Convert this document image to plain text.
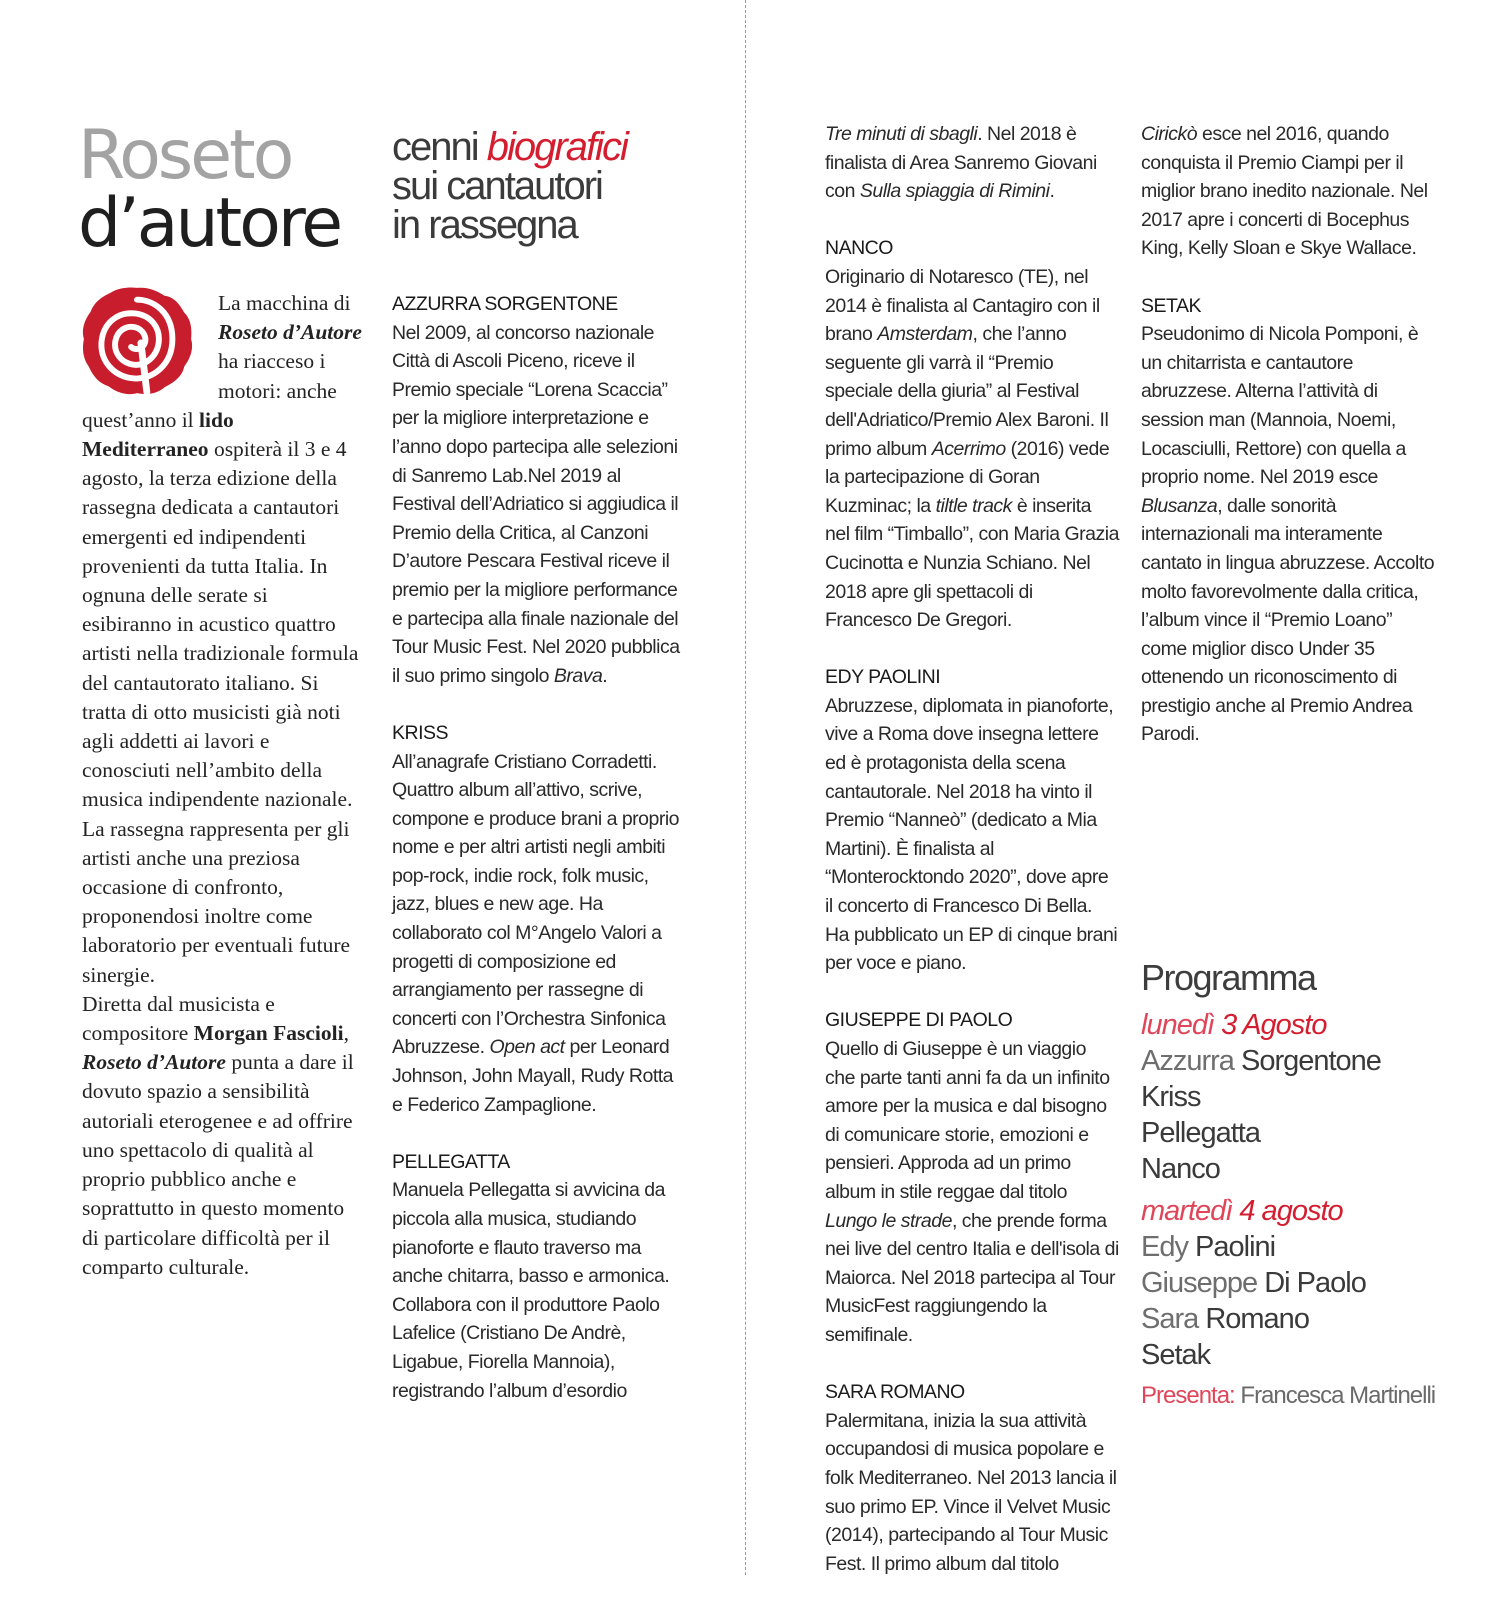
Roseto
d’autore

La macchina di Roseto d’Autore ha riacceso i motori: anche quest’anno il lido Mediterraneo ospiterà il 3 e 4 agosto, la terza edizione della rassegna dedicata a cantautori emergenti ed indipendenti provenienti da tutta Italia. In ognuna delle serate si esibiranno in acustico quattro artisti nella tradizionale formula del cantautorato italiano. Si tratta di otto musicisti già noti agli addetti ai lavori e conosciuti nell’ambito della musica indipendente nazionale. La rassegna rappresenta per gli artisti anche una preziosa occasione di confronto, proponendosi inoltre come laboratorio per eventuali future sinergie.
Diretta dal musicista e compositore Morgan Fascioli, Roseto d’Autore punta a dare il dovuto spazio a sensibilità autoriali eterogenee e ad offrire uno spettacolo di qualità al proprio pubblico anche e soprattutto in questo momento di particolare difficoltà per il comparto culturale.

cenni biografici
sui cantautori
in rassegna
AZZURRA SORGENTONE

Nel 2009, al concorso nazionale Città di Ascoli Piceno, riceve il Premio speciale “Lorena Scaccia” per la migliore interpretazione e l’anno dopo partecipa alle selezioni di Sanremo Lab.Nel 2019 al Festival dell’Adriatico si aggiudica il Premio della Critica, al Canzoni D’autore Pescara Festival riceve il premio per la migliore performance e partecipa alla finale nazionale del Tour Music Fest. Nel 2020 pubblica il suo primo singolo Brava.

KRISS

All’anagrafe Cristiano Corradetti. Quattro album all’attivo, scrive, compone e produce brani a proprio nome e per altri artisti negli ambiti pop-rock, indie rock, folk music, jazz, blues e new age. Ha collaborato col M°Angelo Valori a progetti di composizione ed arrangiamento per rassegne di concerti con l’Orchestra Sinfonica Abruzzese. Open act per Leonard Johnson, John Mayall, Rudy Rotta e Federico Zampaglione.

PELLEGATTA

Manuela Pellegatta si avvicina da piccola alla musica, studiando pianoforte e flauto traverso ma anche chitarra, basso e armonica. Collabora con il produttore Paolo Lafelice (Cristiano De Andrè, Ligabue, Fiorella Mannoia), registrando l’album d’esordio

Tre minuti di sbagli. Nel 2018 è finalista di Area Sanremo Giovani con Sulla spiaggia di Rimini.

NANCO

Originario di Notaresco (TE), nel 2014 è finalista al Cantagiro con il brano Amsterdam, che l’anno seguente gli varrà il “Premio speciale della giuria” al Festival dell'Adriatico/Premio Alex Baroni. Il primo album Acerrimo (2016) vede la partecipazione di Goran Kuzminac; la tiltle track è inserita nel film “Timballo”, con Maria Grazia Cucinotta e Nunzia Schiano. Nel 2018 apre gli spettacoli di Francesco De Gregori.

EDY PAOLINI

Abruzzese, diplomata in pianoforte, vive a Roma dove insegna lettere ed è protagonista della scena cantautorale. Nel 2018 ha vinto il Premio “Nanneò” (dedicato a Mia Martini). È finalista al “Monterocktondo 2020”, dove apre il concerto di Francesco Di Bella. Ha pubblicato un EP di cinque brani per voce e piano.

GIUSEPPE DI PAOLO

Quello di Giuseppe è un viaggio che parte tanti anni fa da un infinito amore per la musica e dal bisogno di comunicare storie, emozioni e pensieri. Approda ad un primo album in stile reggae dal titolo Lungo le strade, che prende forma nei live del centro Italia e dell'isola di Maiorca. Nel 2018 partecipa al Tour MusicFest raggiungendo la semifinale.

SARA ROMANO

Palermitana, inizia la sua attività occupandosi di musica popolare e folk Mediterraneo. Nel 2013 lancia il suo primo EP. Vince il Velvet Music (2014), partecipando al Tour Music Fest. Il primo album dal titolo

Cirickò esce nel 2016, quando conquista il Premio Ciampi per il miglior brano inedito nazionale. Nel 2017 apre i concerti di Bocephus King, Kelly Sloan e Skye Wallace.

SETAK

Pseudonimo di Nicola Pomponi, è un chitarrista e cantautore abruzzese. Alterna l’attività di session man (Mannoia, Noemi, Locasciulli, Rettore) con quella a proprio nome. Nel 2019 esce Blusanza, dalle sonorità internazionali ma interamente cantato in lingua abruzzese. Accolto molto favorevolmente dalla critica, l’album vince il “Premio Loano” come miglior disco Under 35 ottenendo un riconoscimento di prestigio anche al Premio Andrea Parodi.

Programma
lunedì 3 Agosto
Azzurra Sorgentone
Kriss
Pellegatta
Nanco
martedì 4 agosto
Edy Paolini
Giuseppe Di Paolo
Sara Romano
Setak
Presenta: Francesca Martinelli
